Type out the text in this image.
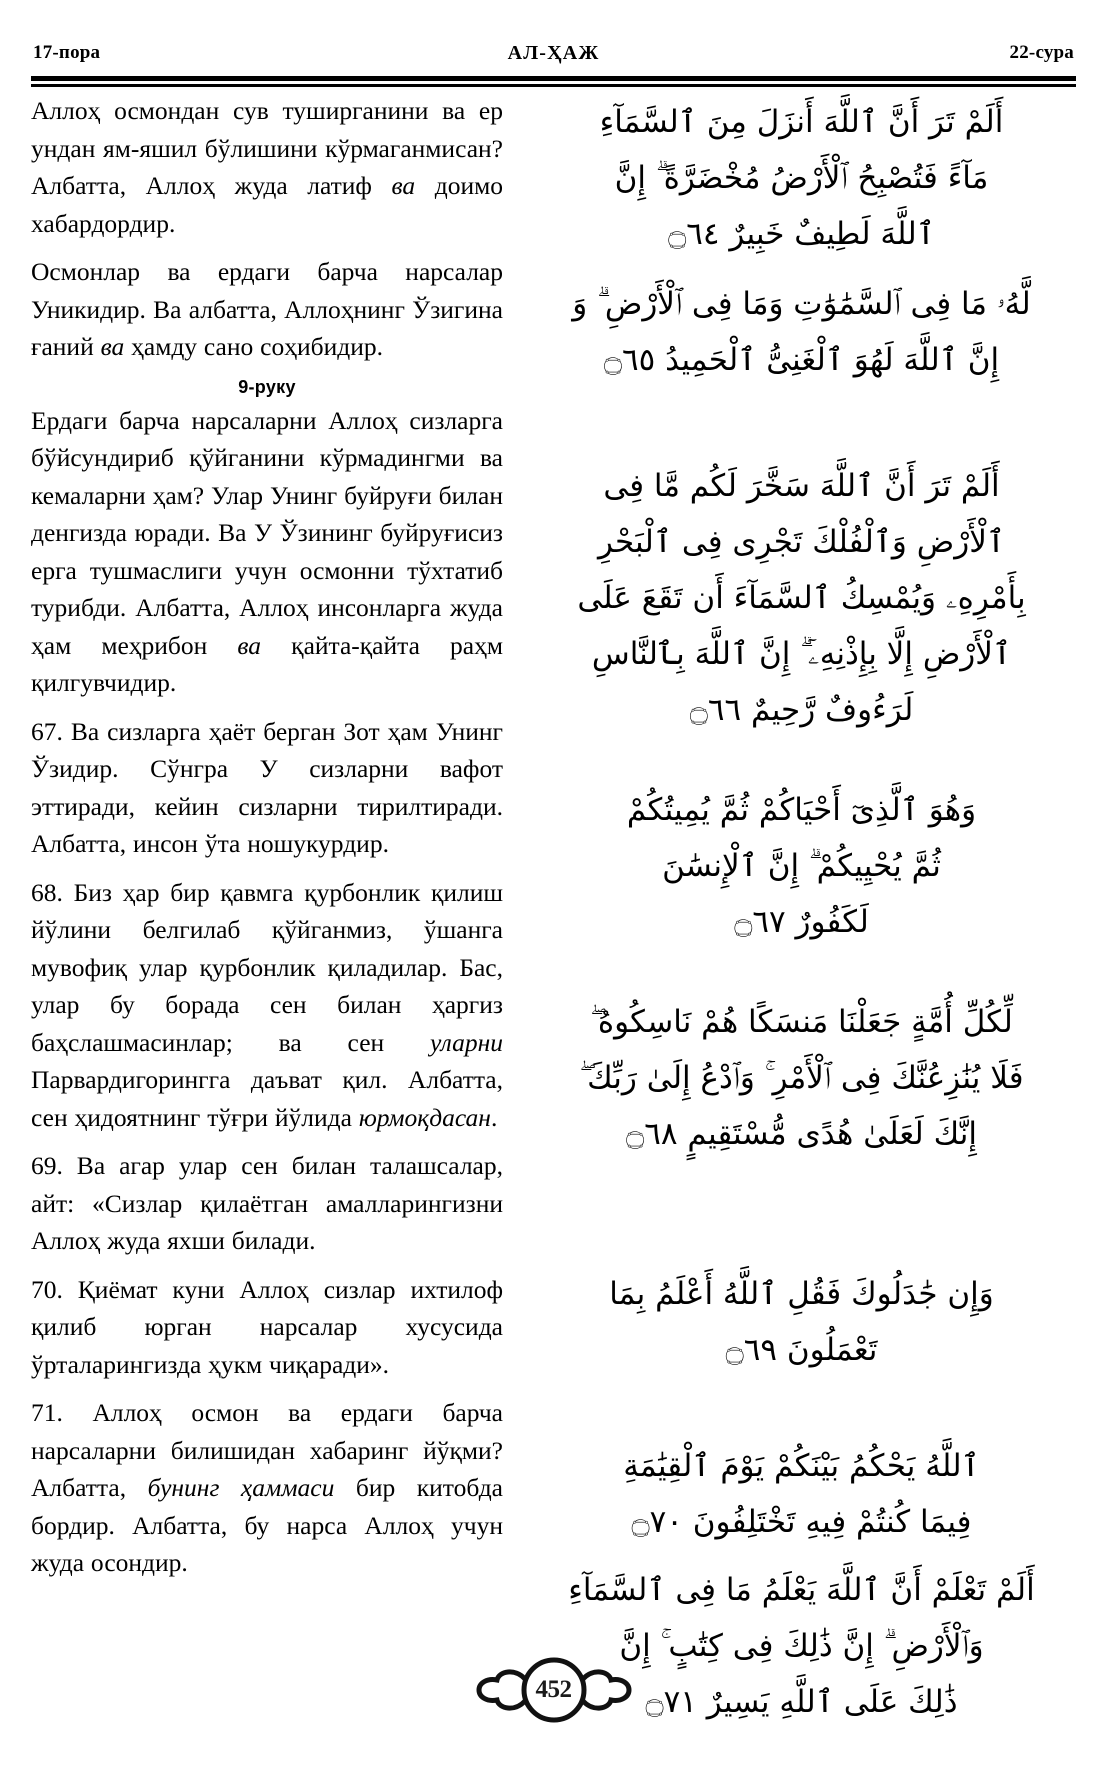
17-пора	АЛ-ҲАЖ	22-сура

Аллоҳ осмондан сув туширганини ва ер ундан ям-яшил бўлишини кўрмаганмисан? Албатта, Аллоҳ жуда латиф ва доимо хабардордир.

Осмонлар ва ердаги барча нарсалар Уникидир. Ва албатта, Аллоҳнинг Ўзигина ғаний ва ҳамду сано соҳибидир.

9-руку

Ердаги барча нарсаларни Аллоҳ сизларга бўйсундириб қўйганини кўрмадингми ва кемаларни ҳам? Улар Унинг буйруғи билан денгизда юради. Ва У Ўзининг буйруғисиз ерга тушмаслиги учун осмонни тўхтатиб турибди. Албатта, Аллоҳ инсонларга жуда ҳам меҳрибон ва қайта-қайта раҳм қилгувчидир.

67. Ва сизларга ҳаёт берган Зот ҳам Унинг Ўзидир. Сўнгра У сизларни вафот эттиради, кейин сизларни тирилтиради. Албатта, инсон ўта ношукурдир.

68. Биз ҳар бир қавмга қурбонлик қилиш йўлини белгилаб қўйганмиз, ўшанга мувофиқ улар қурбонлик қиладилар. Бас, улар бу борада сен билан ҳаргиз баҳслашмасинлар; ва сен уларни Парвардигорингга даъват қил. Албатта, сен ҳидоятнинг тўғри йўлида юрмоқдасан.

69. Ва агар улар сен билан талашсалар, айт: «Сизлар қилаётган амалларингизни Аллоҳ жуда яхши билади.

70. Қиёмат куни Аллоҳ сизлар ихтилоф қилиб юрган нарсалар хусусида ўрталарингизда ҳукм чиқаради».

71. Аллоҳ осмон ва ердаги барча нарсаларни билишидан хабаринг йўқми? Албатта, бунинг ҳаммаси бир китобда бордир. Албатта, бу нарса Аллоҳ учун жуда осондир.

أَلَمْ تَرَ أَنَّ ٱللَّهَ أَنزَلَ مِنَ ٱلسَّمَآءِ
مَآءً فَتُصْبِحُ ٱلْأَرْضُ مُخْضَرَّةً ۗ إِنَّ
ٱللَّهَ لَطِيفٌ خَبِيرٌ ۝٦٤
لَّهُۥ مَا فِى ٱلسَّمَٰوَٰتِ وَمَا فِى ٱلْأَرْضِ ۗ وَ
إِنَّ ٱللَّهَ لَهُوَ ٱلْغَنِىُّ ٱلْحَمِيدُ ۝٦٥
أَلَمْ تَرَ أَنَّ ٱللَّهَ سَخَّرَ لَكُم مَّا فِى
ٱلْأَرْضِ وَٱلْفُلْكَ تَجْرِى فِى ٱلْبَحْرِ
بِأَمْرِهِۦ وَيُمْسِكُ ٱلسَّمَآءَ أَن تَقَعَ عَلَى
ٱلْأَرْضِ إِلَّا بِإِذْنِهِۦٓ ۗ إِنَّ ٱللَّهَ بِٱلنَّاسِ
لَرَءُوفٌ رَّحِيمٌ ۝٦٦
وَهُوَ ٱلَّذِىٓ أَحْيَاكُمْ ثُمَّ يُمِيتُكُمْ
ثُمَّ يُحْيِيكُمْ ۗ إِنَّ ٱلْإِنسَٰنَ
لَكَفُورٌ ۝٦٧
لِّكُلِّ أُمَّةٍ جَعَلْنَا مَنسَكًا هُمْ نَاسِكُوهُ ۖ
فَلَا يُنَٰزِعُنَّكَ فِى ٱلْأَمْرِ ۚ وَٱدْعُ إِلَىٰ رَبِّكَ ۖ
إِنَّكَ لَعَلَىٰ هُدًى مُّسْتَقِيمٍ ۝٦٨
وَإِن جَٰدَلُوكَ فَقُلِ ٱللَّهُ أَعْلَمُ بِمَا
تَعْمَلُونَ ۝٦٩
ٱللَّهُ يَحْكُمُ بَيْنَكُمْ يَوْمَ ٱلْقِيَٰمَةِ
فِيمَا كُنتُمْ فِيهِ تَخْتَلِفُونَ ۝٧٠
أَلَمْ تَعْلَمْ أَنَّ ٱللَّهَ يَعْلَمُ مَا فِى ٱلسَّمَآءِ
وَٱلْأَرْضِ ۗ إِنَّ ذَٰلِكَ فِى كِتَٰبٍ ۚ إِنَّ
ذَٰلِكَ عَلَى ٱللَّهِ يَسِيرٌ ۝٧١
452
